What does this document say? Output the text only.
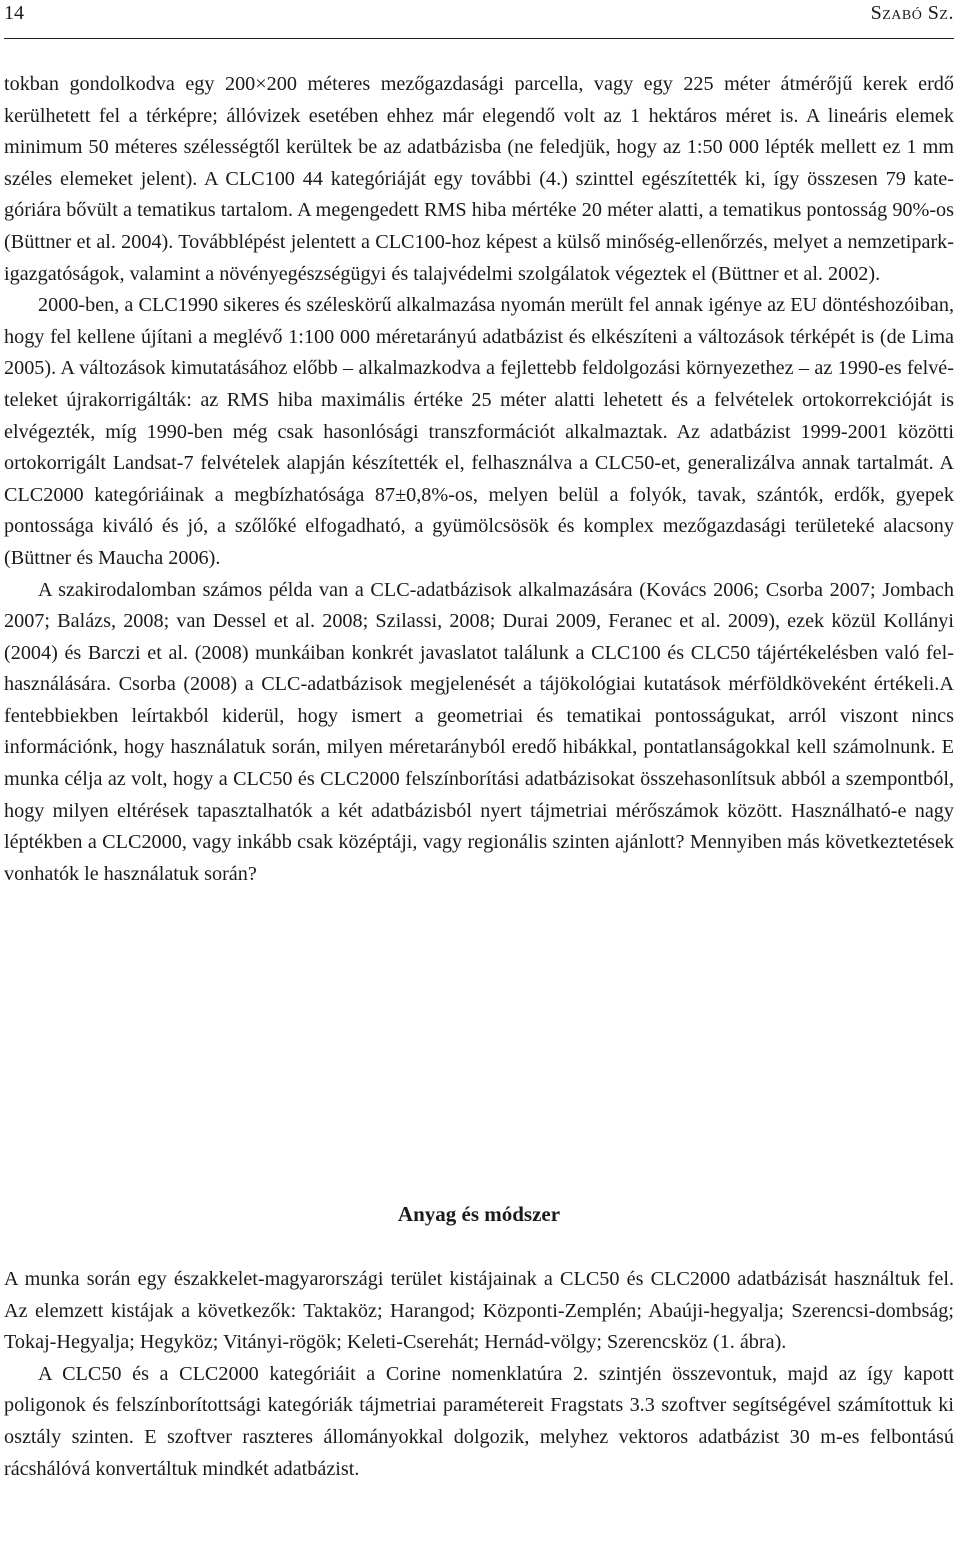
14	Szabó Sz.

tokban gondolkodva egy 200×200 méteres mezőgazdasági parcella, vagy egy 225 méter átmérőjű kerek erdő kerülhetett fel a térképre; állóvizek esetében ehhez már elegendő volt az 1 hektáros méret is. A lineáris elemek minimum 50 méteres szélességtől kerültek be az adatbázisba (ne feledjük, hogy az 1:50 000 lépték mellett ez 1 mm széles elemeket jelent). A CLC100 44 kategóriáját egy további (4.) szinttel egészítették ki, így összesen 79 kategóriára bővült a tematikus tartalom. A megengedett RMS hiba mértéke 20 méter alatti, a tematikus pontosság 90%-os (Büttner et al. 2004). Továbblépést jelentett a CLC100-hoz képest a külső minőség-ellenőrzés, melyet a nemzetipark-igazgatóságok, valamint a növényegészségügyi és talajvédelmi szolgálatok végeztek el (Büttner et al. 2002).

2000-ben, a CLC1990 sikeres és széleskörű alkalmazása nyomán merült fel annak igénye az EU döntéshozóiban, hogy fel kellene újítani a meglévő 1:100 000 méretarányú adatbázist és elkészíteni a változások térképét is (de Lima 2005). A változások kimutatásához előbb – alkalmazkodva a fejlettebb feldolgozási környezethez – az 1990-es felvételeket újrakorrigálták: az RMS hiba maximális értéke 25 méter alatti lehetett és a felvételek ortokorrekcióját is elvégezték, míg 1990-ben még csak hasonlósági transzformációt alkalmaztak. Az adatbázist 1999-2001 közötti ortokorrigált Landsat-7 felvételek alapján készítették el, felhasználva a CLC50-et, generalizálva annak tartalmát. A CLC2000 kategóriáinak a megbízhatósága 87±0,8%-os, melyen belül a folyók, tavak, szántók, erdők, gyepek pontossága kiváló és jó, a szőlőké elfogadható, a gyümölcsösök és komplex mezőgazdasági területeké alacsony (Büttner és Maucha 2006).

A szakirodalomban számos példa van a CLC-adatbázisok alkalmazására (Kovács 2006; Csorba 2007; Jombach 2007; Balázs, 2008; van Dessel et al. 2008; Szilassi, 2008; Durai 2009, Feranec et al. 2009), ezek közül Kollányi (2004) és Barczi et al. (2008) munkáiban konkrét javaslatot találunk a CLC100 és CLC50 tájértékelésben való felhasználására. Csorba (2008) a CLC-adatbázisok megjelenését a tájökológiai kutatások mérföldköveként értékeli.A fentebbiekben leírtakból kiderül, hogy ismert a geometriai és tematikai pontosságukat, arról viszont nincs információnk, hogy használatuk során, milyen méretarányból eredő hibákkal, pontatlanságokkal kell számolnunk. E munka célja az volt, hogy a CLC50 és CLC2000 felszínborítási adatbázisokat összehasonlítsuk abból a szempontból, hogy milyen eltérések tapasztalhatók a két adatbázisból nyert tájmetriai mérőszámok között. Használható-e nagy léptékben a CLC2000, vagy inkább csak középtáji, vagy regionális szinten ajánlott? Mennyiben más következtetések vonhatók le használatuk során?

Anyag és módszer

A munka során egy északkelet-magyarországi terület kistájainak a CLC50 és CLC2000 adatbázisát használtuk fel. Az elemzett kistájak a következők: Taktaköz; Harangod; Központi-Zemplén; Abaúji-hegyalja; Szerencsi-dombság; Tokaj-Hegyalja; Hegyköz; Vitányi-rögök; Keleti-Cserehát; Hernád-völgy; Szerencsköz (1. ábra).

A CLC50 és a CLC2000 kategóriáit a Corine nomenklatúra 2. szintjén összevontuk, majd az így kapott poligonok és felszínborítottsági kategóriák tájmetriai paramétereit Fragstats 3.3 szoftver segítségével számítottuk ki osztály szinten. E szoftver raszteres állományokkal dolgozik, melyhez vektoros adatbázist 30 m-es felbontású rácshálóvá konvertáltuk mindkét adatbázist.
